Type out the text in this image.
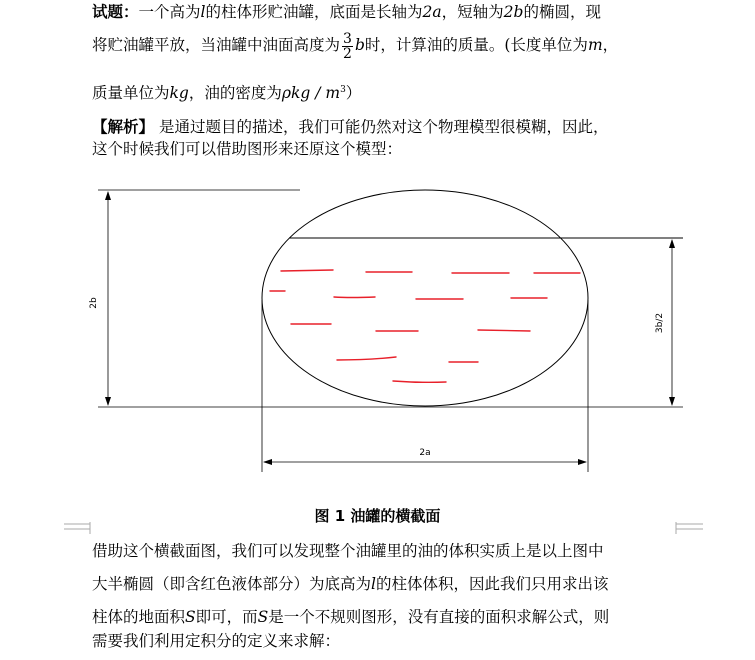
试题：一个高为l的柱体形贮油罐，底面是长轴为2a，短轴为2b的椭圆，现
将贮油罐平放，当油罐中油面高度为 $\frac{3}{2}$ b时，计算油的质量。(长度单位为m，
质量单位为kg，油的密度为ρkg / $m^3$）
【解析】 是通过题目的描述，我们可能仍然对这个物理模型很模糊，因此，
这个时候我们可以借助图形来还原这个模型：
2b
3b/2
2a
图 1 油罐的横截面
借助这个横截面图，我们可以发现整个油罐里的油的体积实质上是以上图中
大半椭圆（即含红色液体部分）为底高为l的柱体体积，因此我们只用求出该
柱体的地面积S即可，而S是一个不规则图形，没有直接的面积求解公式，则
需要我们利用定积分的定义来求解：
